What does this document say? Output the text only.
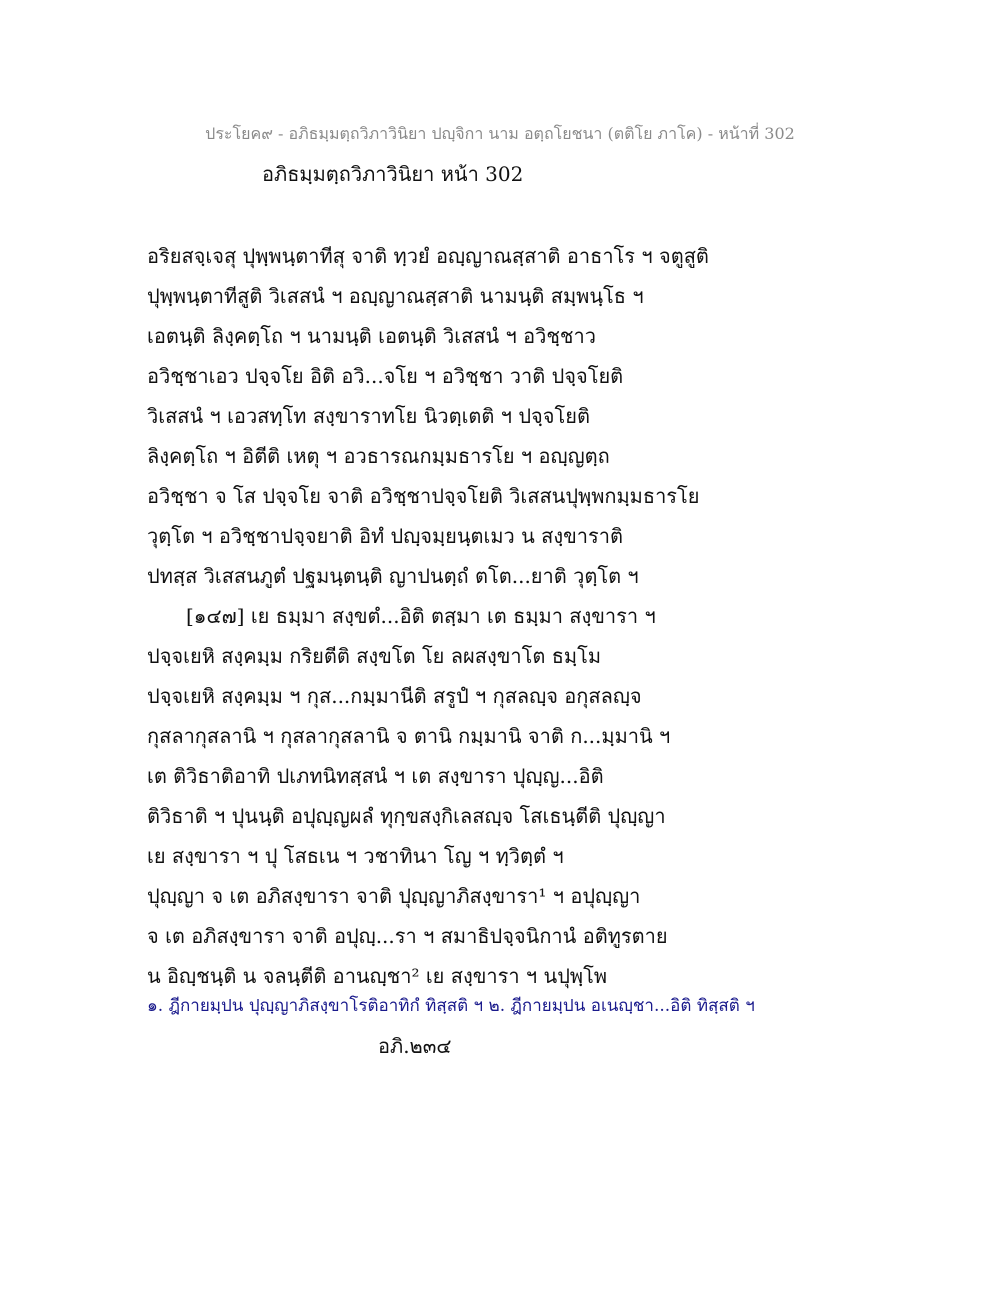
ประโยค๙ - อภิธมฺมตฺถวิภาวินิยา ปญฺจิกา นาม อตฺถโยชนา (ตติโย ภาโค) - หน้าที่ 302
อภิธมฺมตฺถวิภาวินิยา หน้า 302
อริยสจฺเจสุ ปุพฺพนฺตาทีสุ จาติ ทฺวยํ อญฺญาณสฺสาติ อาธาโร ฯ จตูสูติ
ปุพฺพนฺตาทีสูติ วิเสสนํ ฯ อญฺญาณสฺสาติ นามนฺติ สมฺพนฺโธ ฯ
เอตนฺติ ลิงฺคตฺโถ ฯ นามนฺติ เอตนฺติ วิเสสนํ ฯ อวิชฺชาว
อวิชฺชาเอว ปจฺจโย อิติ อวิ...จโย ฯ อวิชฺชา วาติ ปจฺจโยติ
วิเสสนํ ฯ เอวสทฺโท สงฺขาราทโย นิวตฺเตติ ฯ ปจฺจโยติ
ลิงฺคตฺโถ ฯ อิตีติ เหตุ ฯ อวธารณกมฺมธารโย ฯ อญฺญตฺถ
อวิชฺชา จ โส ปจฺจโย จาติ อวิชฺชาปจฺจโยติ วิเสสนปุพฺพกมฺมธารโย
วุตฺโต ฯ อวิชฺชาปจฺจยาติ อิทํ ปญฺจมฺยนฺตเมว น สงฺขาราติ
ปทสฺส วิเสสนภูตํ ปฐมนฺตนฺติ ญาปนตฺถํ ตโต...ยาติ วุตฺโต ฯ
[๑๔๗] เย ธมฺมา สงฺขตํ...อิติ ตสฺมา เต ธมฺมา สงฺขารา ฯ
ปจฺจเยหิ สงฺคมฺม กริยตีติ สงฺขโต โย ลผสงฺขาโต ธมฺโม
ปจฺจเยหิ สงฺคมฺม ฯ กุส...กมฺมานีติ สรูปํ ฯ กุสลญฺจ อกุสลญฺจ
กุสลากุสลานิ ฯ กุสลากุสลานิ จ ตานิ กมฺมานิ จาติ ก...มฺมานิ ฯ
เต ติวิธาติอาทิ ปเภทนิทสฺสนํ ฯ เต สงฺขารา ปุญฺญ...อิติ
ติวิธาติ ฯ ปุนนฺติ อปุญฺญผลํ ทุกฺขสงฺกิเลสญฺจ โสเธนฺตีติ ปุญฺญา
เย สงฺขารา ฯ ปุ โสธเน ฯ วชาทินา โญ ฯ ทฺวิตฺตํ ฯ
ปุญฺญา จ เต อภิสงฺขารา จาติ ปุญฺญาภิสงฺขารา¹ ฯ อปุญฺญา
จ เต อภิสงฺขารา จาติ อปุญฺ...รา ฯ สมาธิปจฺจนิกานํ อติทูรตาย
น อิญฺชนฺติ น จลนฺตีติ อานญฺชา² เย สงฺขารา ฯ นปุพฺโพ
๑. ฎีกายมฺปน ปุญฺญาภิสงฺขาโรติอาทิกํ ทิสฺสติ ฯ ๒. ฎีกายมฺปน อเนญฺชา...อิติ ทิสฺสติ ฯ
อภิ.๒๓๔
